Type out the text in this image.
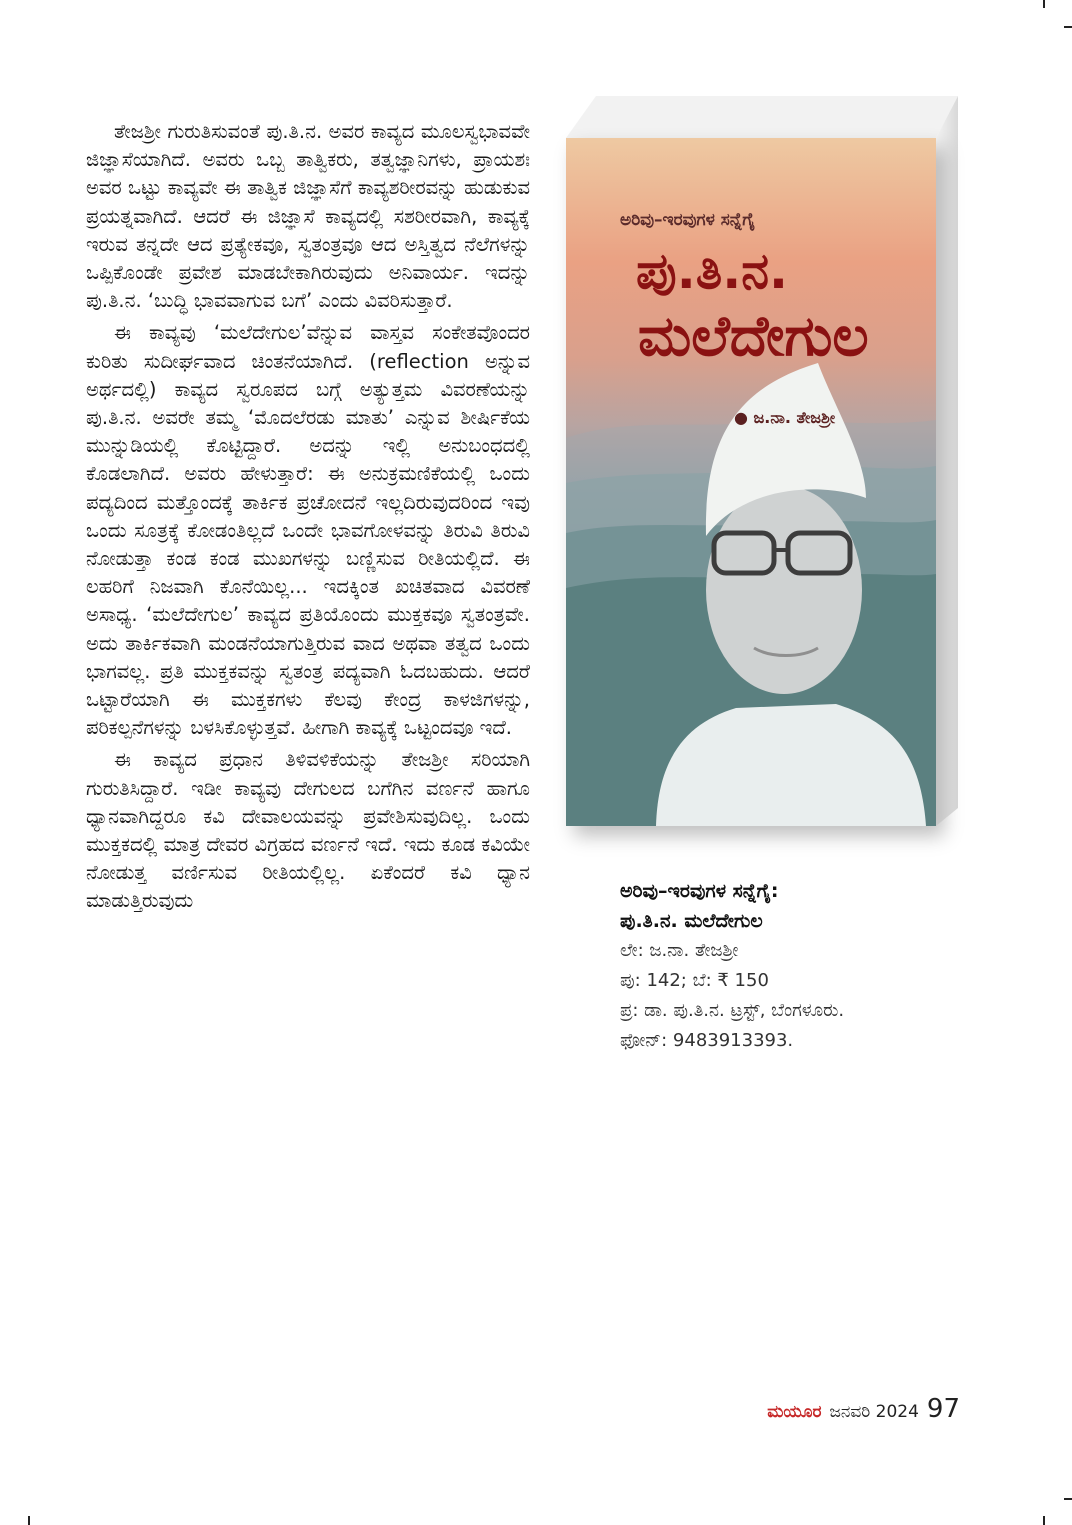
ತೇಜಶ್ರೀ ಗುರುತಿಸುವಂತೆ ಪು.ತಿ.ನ. ಅವರ ಕಾವ್ಯದ ಮೂಲಸ್ವಭಾವವೇ ಜಿಜ್ಞಾಸೆಯಾಗಿದೆ. ಅವರು ಒಬ್ಬ ತಾತ್ವಿಕರು, ತತ್ವಜ್ಞಾನಿಗಳು, ಪ್ರಾಯಶಃ ಅವರ ಒಟ್ಟು ಕಾವ್ಯವೇ ಈ ತಾತ್ವಿಕ ಜಿಜ್ಞಾಸೆಗೆ ಕಾವ್ಯಶರೀರವನ್ನು ಹುಡುಕುವ ಪ್ರಯತ್ನವಾಗಿದೆ. ಆದರೆ ಈ ಜಿಜ್ಞಾಸೆ ಕಾವ್ಯದಲ್ಲಿ ಸಶರೀರವಾಗಿ, ಕಾವ್ಯಕ್ಕೆ ಇರುವ ತನ್ನದೇ ಆದ ಪ್ರತ್ಯೇಕವೂ, ಸ್ವತಂತ್ರವೂ ಆದ ಅಸ್ತಿತ್ವದ ನೆಲೆಗಳನ್ನು ಒಪ್ಪಿಕೊಂಡೇ ಪ್ರವೇಶ ಮಾಡಬೇಕಾಗಿರುವುದು ಅನಿವಾರ್ಯ. ಇದನ್ನು ಪು.ತಿ.ನ. ‘ಬುದ್ಧಿ ಭಾವವಾಗುವ ಬಗೆ’ ಎಂದು ವಿವರಿಸುತ್ತಾರೆ.

ಈ ಕಾವ್ಯವು ‘ಮಲೆದೇಗುಲ’ವೆನ್ನುವ ವಾಸ್ತವ ಸಂಕೇತವೊಂದರ ಕುರಿತು ಸುದೀರ್ಘವಾದ ಚಿಂತನೆಯಾಗಿದೆ. (reflection ಅನ್ನುವ ಅರ್ಥದಲ್ಲಿ) ಕಾವ್ಯದ ಸ್ವರೂಪದ ಬಗ್ಗೆ ಅತ್ಯುತ್ತಮ ವಿವರಣೆಯನ್ನು ಪು.ತಿ.ನ. ಅವರೇ ತಮ್ಮ ‘ಮೊದಲೆರಡು ಮಾತು’ ಎನ್ನುವ ಶೀರ್ಷಿಕೆಯ ಮುನ್ನುಡಿಯಲ್ಲಿ ಕೊಟ್ಟಿದ್ದಾರೆ. ಅದನ್ನು ಇಲ್ಲಿ ಅನುಬಂಧದಲ್ಲಿ ಕೊಡಲಾಗಿದೆ. ಅವರು ಹೇಳುತ್ತಾರೆ: ಈ ಅನುಕ್ರಮಣಿಕೆಯಲ್ಲಿ ಒಂದು ಪದ್ಯದಿಂದ ಮತ್ತೊಂದಕ್ಕೆ ತಾರ್ಕಿಕ ಪ್ರಚೋದನೆ ಇಲ್ಲದಿರುವುದರಿಂದ ಇವು ಒಂದು ಸೂತ್ರಕ್ಕೆ ಕೋಡಂತಿಲ್ಲದೆ ಒಂದೇ ಭಾವಗೋಳವನ್ನು ತಿರುವಿ ತಿರುವಿ ನೋಡುತ್ತಾ ಕಂಡ ಕಂಡ ಮುಖಗಳನ್ನು ಬಣ್ಣಿಸುವ ರೀತಿಯಲ್ಲಿದೆ. ಈ ಲಹರಿಗೆ ನಿಜವಾಗಿ ಕೊನೆಯಿಲ್ಲ... ಇದಕ್ಕಿಂತ ಖಚಿತವಾದ ವಿವರಣೆ ಅಸಾಧ್ಯ. ‘ಮಲೆದೇಗುಲ’ ಕಾವ್ಯದ ಪ್ರತಿಯೊಂದು ಮುಕ್ತಕವೂ ಸ್ವತಂತ್ರವೇ. ಅದು ತಾರ್ಕಿಕವಾಗಿ ಮಂಡನೆಯಾಗುತ್ತಿರುವ ವಾದ ಅಥವಾ ತತ್ವದ ಒಂದು ಭಾಗವಲ್ಲ. ಪ್ರತಿ ಮುಕ್ತಕವನ್ನು ಸ್ವತಂತ್ರ ಪದ್ಯವಾಗಿ ಓದಬಹುದು. ಆದರೆ ಒಟ್ಟಾರೆಯಾಗಿ ಈ ಮುಕ್ತಕಗಳು ಕೆಲವು ಕೇಂದ್ರ ಕಾಳಜಿಗಳನ್ನು, ಪರಿಕಲ್ಪನೆಗಳನ್ನು ಬಳಸಿಕೊಳ್ಳುತ್ತವೆ. ಹೀಗಾಗಿ ಕಾವ್ಯಕ್ಕೆ ಒಟ್ಟಂದವೂ ಇದೆ.

ಈ ಕಾವ್ಯದ ಪ್ರಧಾನ ತಿಳಿವಳಿಕೆಯನ್ನು ತೇಜಶ್ರೀ ಸರಿಯಾಗಿ ಗುರುತಿಸಿದ್ದಾರೆ. ಇಡೀ ಕಾವ್ಯವು ದೇಗುಲದ ಬಗೆಗಿನ ವರ್ಣನೆ ಹಾಗೂ ಧ್ಯಾನವಾಗಿದ್ದರೂ ಕವಿ ದೇವಾಲಯವನ್ನು ಪ್ರವೇಶಿಸುವುದಿಲ್ಲ. ಒಂದು ಮುಕ್ತಕದಲ್ಲಿ ಮಾತ್ರ ದೇವರ ವಿಗ್ರಹದ ವರ್ಣನೆ ಇದೆ. ಇದು ಕೂಡ ಕವಿಯೇ ನೋಡುತ್ತ ವರ್ಣಿಸುವ ರೀತಿಯಲ್ಲಿಲ್ಲ. ಏಕೆಂದರೆ ಕವಿ ಧ್ಯಾನ ಮಾಡುತ್ತಿರುವುದು

ಅರಿವು–ಇರವುಗಳ ಸನ್ನೆಗೈ
ಪು.ತಿ.ನ.
ಮಲೆದೇಗುಲ
● ಜ.ನಾ. ತೇಜಶ್ರೀ
ಅರಿವು–ಇರವುಗಳ ಸನ್ನೆಗೈ:
ಪು.ತಿ.ನ. ಮಲೆದೇಗುಲ
ಲೇ: ಜ.ನಾ. ತೇಜಶ್ರೀ
ಪು: 142; ಬೆ: ₹ 150
ಪ್ರ: ಡಾ. ಪು.ತಿ.ನ. ಟ್ರಸ್ಟ್, ಬೆಂಗಳೂರು.
ಫೋನ್: 9483913393.
ಮಯೂರ ಜನವರಿ 2024 97
